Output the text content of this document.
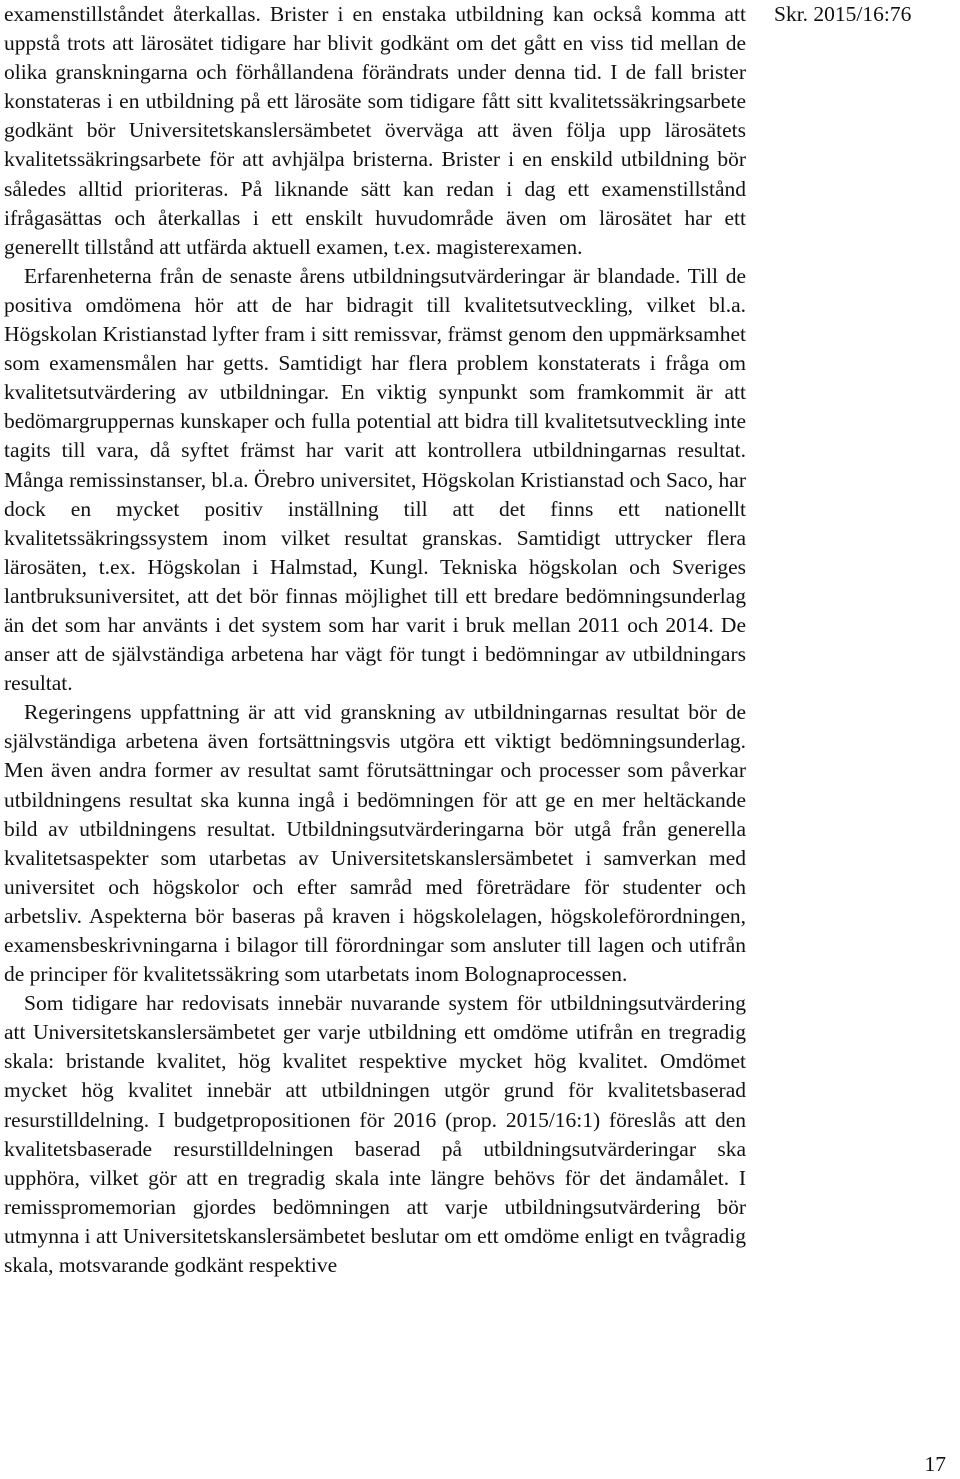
examenstillståndet återkallas. Brister i en enstaka utbildning kan också komma att uppstå trots att lärosätet tidigare har blivit godkänt om det gått en viss tid mellan de olika granskningarna och förhållandena förändrats under denna tid. I de fall brister konstateras i en utbildning på ett lärosäte som tidigare fått sitt kvalitetssäkringsarbete godkänt bör Universitetskanslersämbetet överväga att även följa upp lärosätets kvalitetssäkringsarbete för att avhjälpa bristerna. Brister i en enskild utbildning bör således alltid prioriteras. På liknande sätt kan redan i dag ett examenstillstånd ifrågasättas och återkallas i ett enskilt huvudområde även om lärosätet har ett generellt tillstånd att utfärda aktuell examen, t.ex. magisterexamen.

Erfarenheterna från de senaste årens utbildningsutvärderingar är blandade. Till de positiva omdömena hör att de har bidragit till kvalitetsutveckling, vilket bl.a. Högskolan Kristianstad lyfter fram i sitt remissvar, främst genom den uppmärksamhet som examensmålen har getts. Samtidigt har flera problem konstaterats i fråga om kvalitetsutvärdering av utbildningar. En viktig synpunkt som framkommit är att bedömargruppernas kunskaper och fulla potential att bidra till kvalitetsutveckling inte tagits till vara, då syftet främst har varit att kontrollera utbildningarnas resultat. Många remissinstanser, bl.a. Örebro universitet, Högskolan Kristianstad och Saco, har dock en mycket positiv inställning till att det finns ett nationellt kvalitetssäkringssystem inom vilket resultat granskas. Samtidigt uttrycker flera lärosäten, t.ex. Högskolan i Halmstad, Kungl. Tekniska högskolan och Sveriges lantbruksuniversitet, att det bör finnas möjlighet till ett bredare bedömningsunderlag än det som har använts i det system som har varit i bruk mellan 2011 och 2014. De anser att de självständiga arbetena har vägt för tungt i bedömningar av utbildningars resultat.

Regeringens uppfattning är att vid granskning av utbildningarnas resultat bör de självständiga arbetena även fortsättningsvis utgöra ett viktigt bedömningsunderlag. Men även andra former av resultat samt förutsättningar och processer som påverkar utbildningens resultat ska kunna ingå i bedömningen för att ge en mer heltäckande bild av utbildningens resultat. Utbildningsutvärderingarna bör utgå från generella kvalitetsaspekter som utarbetas av Universitetskanslersämbetet i samverkan med universitet och högskolor och efter samråd med företrädare för studenter och arbetsliv. Aspekterna bör baseras på kraven i högskolelagen, högskoleförordningen, examensbeskrivningarna i bilagor till förordningar som ansluter till lagen och utifrån de principer för kvalitetssäkring som utarbetats inom Bolognaprocessen.

Som tidigare har redovisats innebär nuvarande system för utbildningsutvärdering att Universitetskanslersämbetet ger varje utbildning ett omdöme utifrån en tregradig skala: bristande kvalitet, hög kvalitet respektive mycket hög kvalitet. Omdömet mycket hög kvalitet innebär att utbildningen utgör grund för kvalitetsbaserad resurstilldelning. I budgetpropositionen för 2016 (prop. 2015/16:1) föreslås att den kvalitetsbaserade resurstilldelningen baserad på utbildningsutvärderingar ska upphöra, vilket gör att en tregradig skala inte längre behövs för det ändamålet. I remisspromemorian gjordes bedömningen att varje utbildningsutvärdering bör utmynna i att Universitetskanslersämbetet beslutar om ett omdöme enligt en tvågradig skala, motsvarande godkänt respektive

Skr. 2015/16:76
17
